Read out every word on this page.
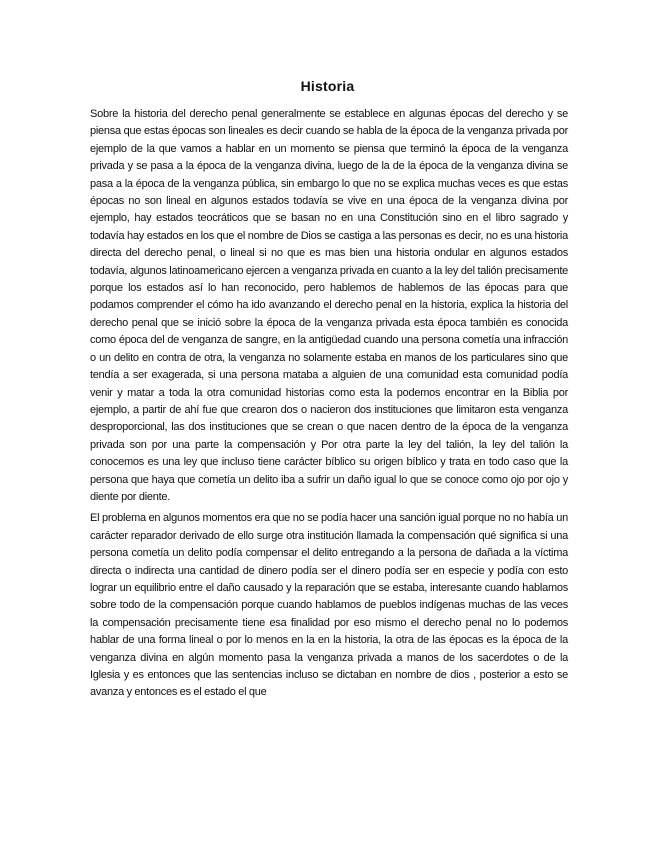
Historia

Sobre la historia del derecho penal generalmente se establece en algunas épocas del derecho y se piensa que estas épocas son lineales es decir cuando se habla de la época de la venganza privada por ejemplo de la que vamos a hablar en un momento se piensa que terminó la época de la venganza privada y se pasa a la época de la venganza divina, luego de la de la época de la venganza divina se pasa a la época de la venganza pública, sin embargo lo que no se explica muchas veces es que estas épocas no son lineal en algunos estados todavía se vive en una época de la venganza divina por ejemplo, hay estados teocráticos que se basan no en una Constitución sino en el libro sagrado y todavía hay estados en los que el nombre de Dios se castiga a las personas es decir, no es una historia directa del derecho penal, o lineal si no que es mas bien una historia ondular en algunos estados todavía, algunos latinoamericano ejercen a venganza privada en cuanto a la ley del talión precisamente porque los estados así lo han reconocido, pero hablemos de hablemos de las épocas para que podamos comprender el cómo ha ido avanzando el derecho penal en la historia, explica la historia del derecho penal que se inició sobre la época de la venganza privada esta época también es conocida como época del de venganza de sangre, en la antigüedad cuando una persona cometía una infracción o un delito en contra de otra, la venganza no solamente estaba en manos de los particulares sino que tendía a ser exagerada, si una persona mataba a alguien de una comunidad esta comunidad podía venir y matar a toda la otra comunidad historias como esta la podemos encontrar en la Biblia por ejemplo, a partir de ahí fue que crearon dos o nacieron dos instituciones que limitaron esta venganza desproporcional, las dos instituciones que se crean o que nacen dentro de la época de la venganza privada son por una parte la compensación y Por otra parte la ley del talión, la ley del talión la conocemos es una ley que incluso tiene carácter bíblico su origen bíblico y trata en todo caso que la persona que haya que cometía un delito iba a sufrir un daño igual lo que se conoce como ojo por ojo y diente por diente.

El problema en algunos momentos era que no se podía hacer una sanción igual porque no no había un carácter reparador derivado de ello surge otra institución llamada la compensación qué significa si una persona cometía un delito podía compensar el delito entregando a la persona de dañada a la víctima directa o indirecta una cantidad de dinero podía ser el dinero podía ser en especie y podía con esto lograr un equilibrio entre el daño causado y la reparación que se estaba, interesante cuando hablamos sobre todo de la compensación porque cuando hablamos de pueblos indígenas muchas de las veces la compensación precisamente tiene esa finalidad por eso mismo el derecho penal no lo podemos hablar de una forma lineal o por lo menos en la en la historia, la otra de las épocas es la época de la venganza divina en algún momento pasa la venganza privada a manos de los sacerdotes o de la Iglesia y es entonces que las sentencias incluso se dictaban en nombre de dios , posterior a esto se avanza y entonces es el estado el que
